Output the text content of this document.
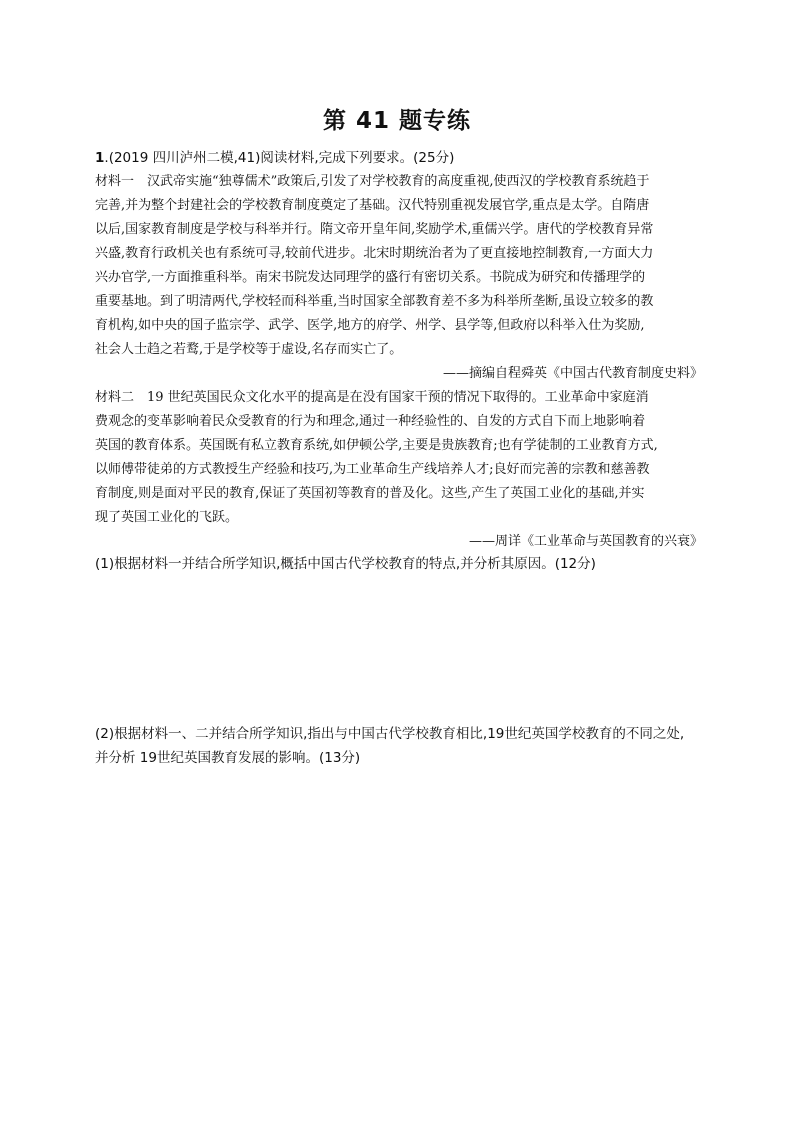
第 41 题专练
1.(2019 四川泸州二模,41)阅读材料,完成下列要求。(25分)
材料一 汉武帝实施“独尊儒术”政策后,引发了对学校教育的高度重视,使西汉的学校教育系统趋于
完善,并为整个封建社会的学校教育制度奠定了基础。汉代特别重视发展官学,重点是太学。自隋唐
以后,国家教育制度是学校与科举并行。隋文帝开皇年间,奖励学术,重儒兴学。唐代的学校教育异常
兴盛,教育行政机关也有系统可寻,较前代进步。北宋时期统治者为了更直接地控制教育,一方面大力
兴办官学,一方面推重科举。南宋书院发达同理学的盛行有密切关系。书院成为研究和传播理学的
重要基地。到了明清两代,学校轻而科举重,当时国家全部教育差不多为科举所垄断,虽设立较多的教
育机构,如中央的国子监宗学、武学、医学,地方的府学、州学、县学等,但政府以科举入仕为奖励,
社会人士趋之若鹜,于是学校等于虚设,名存而实亡了。
——摘编自程舜英《中国古代教育制度史料》
材料二 19 世纪英国民众文化水平的提高是在没有国家干预的情况下取得的。工业革命中家庭消
费观念的变革影响着民众受教育的行为和理念,通过一种经验性的、自发的方式自下而上地影响着
英国的教育体系。英国既有私立教育系统,如伊顿公学,主要是贵族教育;也有学徒制的工业教育方式,
以师傅带徒弟的方式教授生产经验和技巧,为工业革命生产线培养人才;良好而完善的宗教和慈善教
育制度,则是面对平民的教育,保证了英国初等教育的普及化。这些,产生了英国工业化的基础,并实
现了英国工业化的飞跃。
——周详《工业革命与英国教育的兴衰》
(1)根据材料一并结合所学知识,概括中国古代学校教育的特点,并分析其原因。(12分)
(2)根据材料一、二并结合所学知识,指出与中国古代学校教育相比,19世纪英国学校教育的不同之处,
并分析 19世纪英国教育发展的影响。(13分)
